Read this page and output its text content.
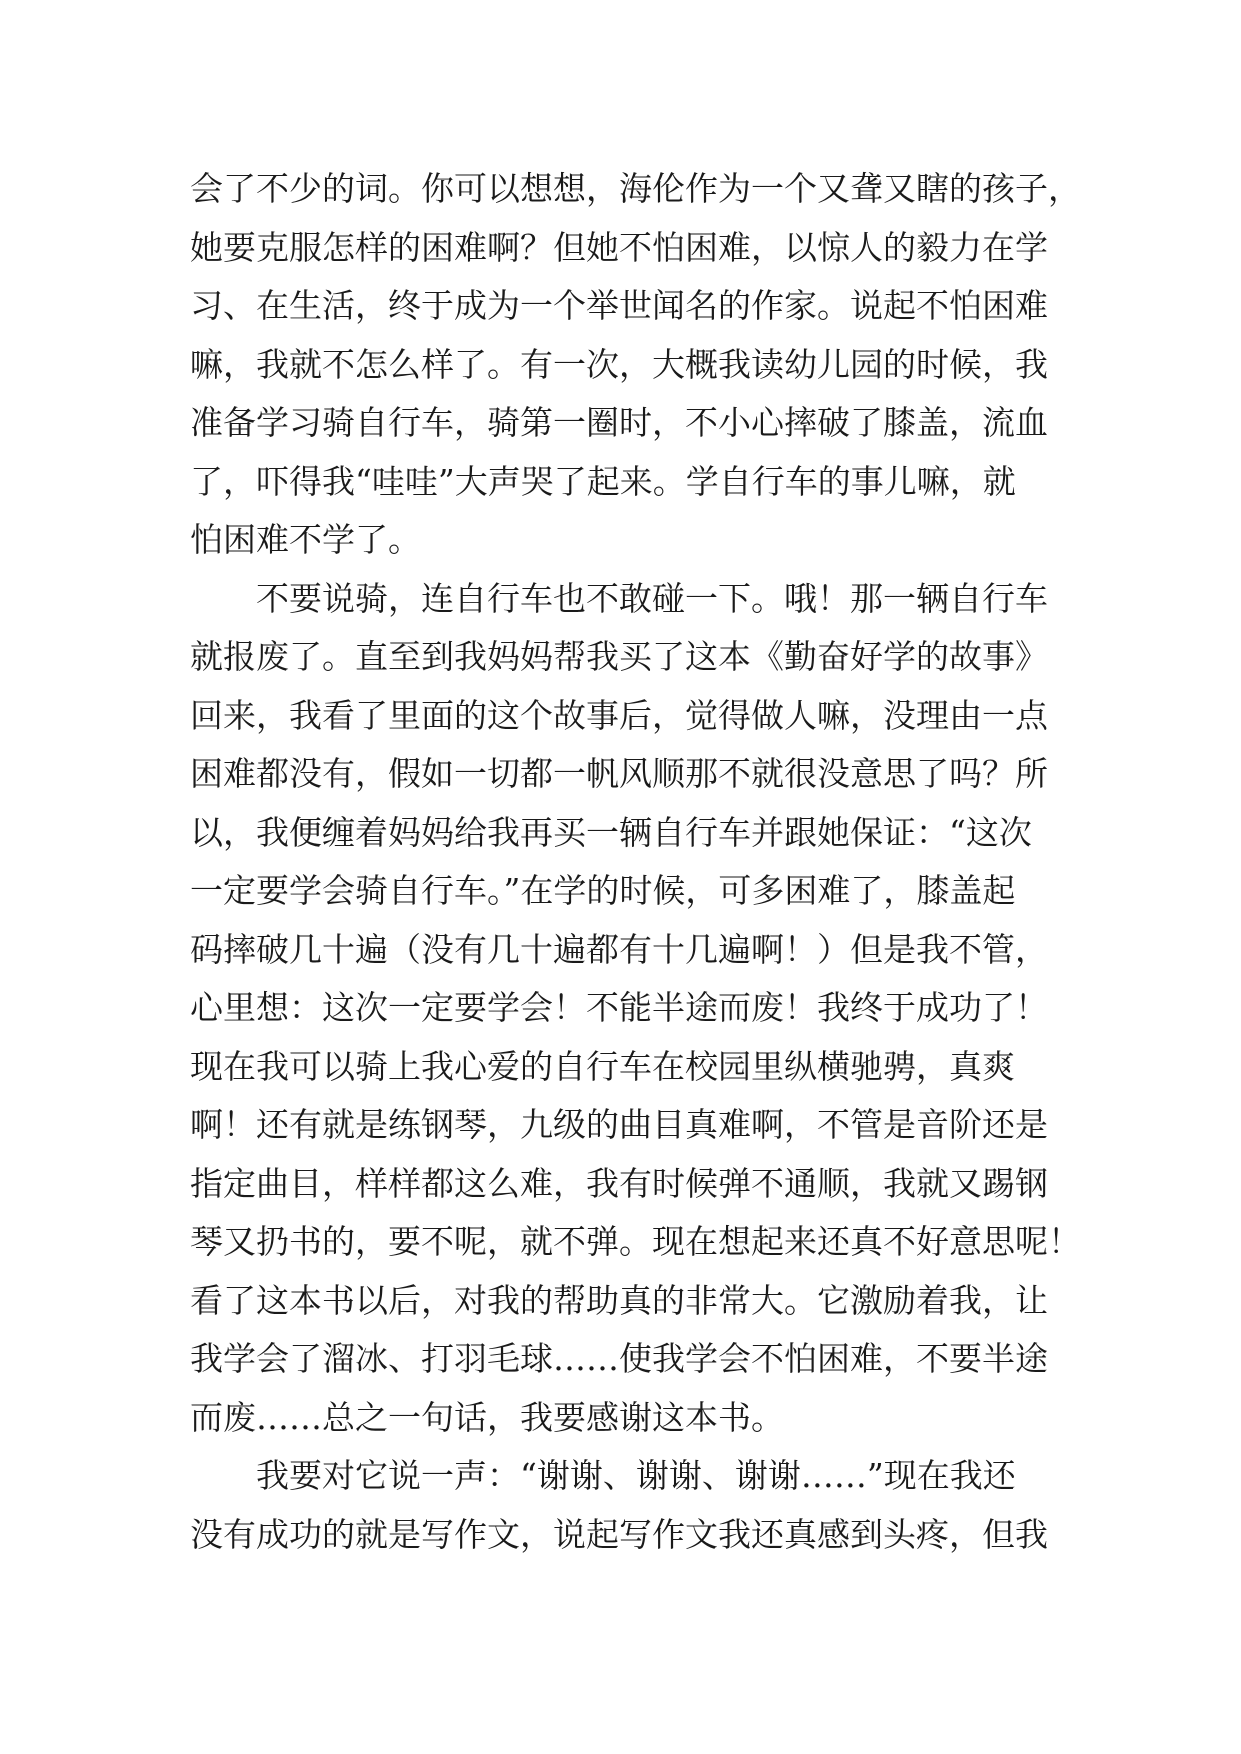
会了不少的词。你可以想想，海伦作为一个又聋又瞎的孩子，
她要克服怎样的困难啊？但她不怕困难，以惊人的毅力在学
习、在生活，终于成为一个举世闻名的作家。说起不怕困难
嘛，我就不怎么样了。有一次，大概我读幼儿园的时候，我
准备学习骑自行车，骑第一圈时，不小心摔破了膝盖，流血
了，吓得我“哇哇”大声哭了起来。学自行车的事儿嘛，就
怕困难不学了。
　　不要说骑，连自行车也不敢碰一下。哦！那一辆自行车
就报废了。直至到我妈妈帮我买了这本《勤奋好学的故事》
回来，我看了里面的这个故事后，觉得做人嘛，没理由一点
困难都没有，假如一切都一帆风顺那不就很没意思了吗？所
以，我便缠着妈妈给我再买一辆自行车并跟她保证：“这次
一定要学会骑自行车。”在学的时候，可多困难了，膝盖起
码摔破几十遍（没有几十遍都有十几遍啊！）但是我不管，
心里想：这次一定要学会！不能半途而废！我终于成功了！
现在我可以骑上我心爱的自行车在校园里纵横驰骋，真爽
啊！还有就是练钢琴，九级的曲目真难啊，不管是音阶还是
指定曲目，样样都这么难，我有时候弹不通顺，我就又踢钢
琴又扔书的，要不呢，就不弹。现在想起来还真不好意思呢！
看了这本书以后，对我的帮助真的非常大。它激励着我，让
我学会了溜冰、打羽毛球……使我学会不怕困难，不要半途
而废……总之一句话，我要感谢这本书。
　　我要对它说一声：“谢谢、谢谢、谢谢……”现在我还
没有成功的就是写作文，说起写作文我还真感到头疼，但我
